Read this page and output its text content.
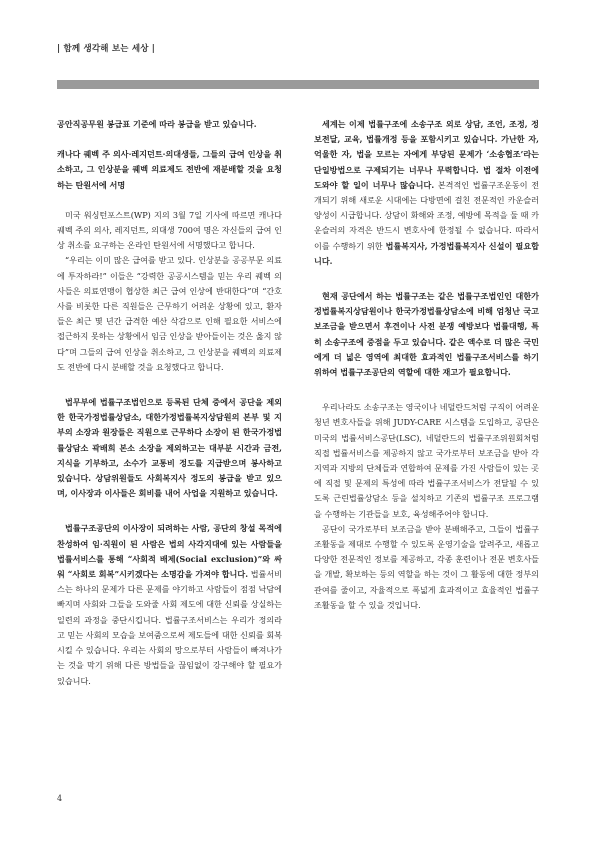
| 함께 생각해 보는 세상 |

공안직공무원 봉급표 기준에 따라 봉급을 받고 있습니다.

캐나다 퀘벡 주 의사·레지던트·의대생들, 그들의 급여 인상을 취소하고, 그 인상분을 퀘벡 의료제도 전반에 재분배할 것을 요청하는 탄원서에 서명

미국 워싱턴포스트(WP) 지의 3월 7일 기사에 따르면 캐나다 퀘벡 주의 의사, 레지던트, 의대생 700여 명은 자신들의 급여 인상 취소를 요구하는 온라인 탄원서에 서명했다고 합니다.

“우리는 이미 많은 급여를 받고 있다. 인상분을 공공부문 의료에 투자하라!” 이들은 “강력한 공공시스템을 믿는 우리 퀘벡 의사들은 의료연맹이 협상한 최근 급여 인상에 반대한다”며 “간호사를 비롯한 다른 직원들은 근무하기 어려운 상황에 있고, 환자들은 최근 몇 년간 급격한 예산 삭감으로 인해 필요한 서비스에 접근하지 못하는 상황에서 임금 인상을 받아들이는 것은 옳지 않다”며 그들의 급여 인상을 취소하고, 그 인상분을 퀘벡의 의료제도 전반에 다시 분배할 것을 요청했다고 합니다.

법무부에 법률구조법인으로 등록된 단체 중에서 공단을 제외한 한국가정법률상담소, 대한가정법률복지상담원의 본부 및 지부의 소장과 원장들은 직원으로 근무하다 소장이 된 한국가정법률상담소 곽배희 본소 소장을 제외하고는 대부분 시간과 금전, 지식을 기부하고, 소수가 교통비 정도를 지급받으며 봉사하고 있습니다. 상담위원들도 사회복지사 정도의 봉급을 받고 있으며, 이사장과 이사들은 회비를 내어 사업을 지원하고 있습니다.

법률구조공단의 이사장이 되려하는 사람, 공단의 창설 목적에 찬성하여 임·직원이 된 사람은 법의 사각지대에 있는 사람들을 법률서비스를 통해 “사회적 배제(Social exclusion)”와 싸워 “사회로 회복”시키겠다는 소명감을 가져야 합니다. 법률서비스는 하나의 문제가 다른 문제를 야기하고 사람들이 점점 낙담에 빠지며 사회와 그들을 도와줄 사회 제도에 대한 신뢰를 상실하는 일련의 과정을 중단시킵니다. 법률구조서비스는 우리가 정의라고 믿는 사회의 모습을 보여줌으로써 제도들에 대한 신뢰를 회복시킬 수 있습니다. 우리는 사회의 망으로부터 사람들이 빠져나가는 것을 막기 위해 다른 방법들을 끊임없이 강구해야 할 필요가 있습니다.

세계는 이제 법률구조에 소송구조 외로 상담, 조언, 조정, 정보전달, 교육, 법률개정 등을 포함시키고 있습니다. 가난한 자, 억울한 자, 법을 모르는 자에게 부당된 문제가 ‘소송협조’라는 단일방법으로 구제되기는 너무나 무력합니다. 법 절차 이전에 도와야 할 일이 너무나 많습니다. 본격적인 법률구조운동이 전개되기 위해 새로운 시대에는 다방면에 걸친 전문적인 카운슬러 양성이 시급합니다. 상담이 화해와 조정, 예방에 목적을 둘 때 카운슬러의 자격은 반드시 변호사에 한정될 수 없습니다. 따라서 이를 수행하기 위한 법률복지사, 가정법률복지사 신설이 필요합니다.

현재 공단에서 하는 법률구조는 같은 법률구조법인인 대한가정법률복지상담원이나 한국가정법률상담소에 비해 엄청난 국고보조금을 받으면서 후견이나 사전 분쟁 예방보다 법률대행, 특히 소송구조에 중점을 두고 있습니다. 같은 액수로 더 많은 국민에게 더 넓은 영역에 최대한 효과적인 법률구조서비스를 하기 위하여 법률구조공단의 역할에 대한 재고가 필요합니다.

우리나라도 소송구조는 영국이나 네덜란드처럼 구직이 어려운 청년 변호사들을 위해 JUDY-CARE 시스템을 도입하고, 공단은 미국의 법률서비스공단(LSC), 네덜란드의 법률구조위원회처럼 직접 법률서비스를 제공하지 않고 국가로부터 보조금을 받아 각 지역과 지방의 단체들과 연합하여 문제를 가진 사람들이 있는 곳에 직접 및 문제의 특성에 따라 법률구조서비스가 전달될 수 있도록 근린법률상담소 등을 설치하고 기존의 법률구조 프로그램을 수행하는 기관들을 보호, 육성해주어야 합니다.

공단이 국가로부터 보조금을 받아 분배해주고, 그들이 법률구조활동을 제대로 수행할 수 있도록 운영기술을 알려주고, 새롭고 다양한 전문적인 정보를 제공하고, 각종 훈련이나 전문 변호사들을 개발, 확보하는 등의 역할을 하는 것이 그 활동에 대한 정부의 관여를 줄이고, 자율적으로 폭넓게 효과적이고 효율적인 법률구조활동을 할 수 있을 것입니다.

4
